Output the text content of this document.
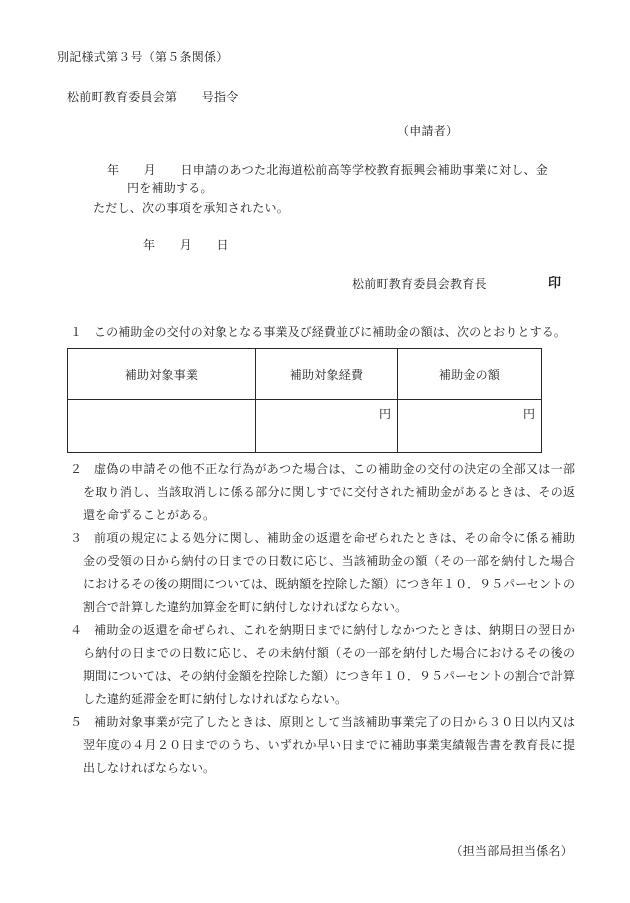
別記様式第３号（第５条関係）
松前町教育委員会第　　号指令
（申請者）
年　　月　　日申請のあつた北海道松前高等学校教育振興会補助事業に対し、金
円を補助する。
ただし、次の事項を承知されたい。
年　　月　　日
松前町教育委員会教育長	印
１ この補助金の交付の対象となる事業及び経費並びに補助金の額は、次のとおりとする。
補助対象事業	補助対象経費	補助金の額
	円	円
２ 虚偽の申請その他不正な行為があつた場合は、この補助金の交付の決定の全部又は一部
を取り消し、当該取消しに係る部分に関しすでに交付された補助金があるときは、その返
還を命ずることがある。
３ 前項の規定による処分に関し、補助金の返還を命ぜられたときは、その命令に係る補助
金の受領の日から納付の日までの日数に応じ、当該補助金の額（その一部を納付した場合
におけるその後の期間については、既納額を控除した額）につき年１０．９５パーセントの
割合で計算した違約加算金を町に納付しなければならない。
４ 補助金の返還を命ぜられ、これを納期日までに納付しなかつたときは、納期日の翌日か
ら納付の日までの日数に応じ、その未納付額（その一部を納付した場合におけるその後の
期間については、その納付金額を控除した額）につき年１０．９５パーセントの割合で計算
した違約延滞金を町に納付しなければならない。
５ 補助対象事業が完了したときは、原則として当該補助事業完了の日から３０日以内又は
翌年度の４月２０日までのうち、いずれか早い日までに補助事業実績報告書を教育長に提
出しなければならない。
（担当部局担当係名）
